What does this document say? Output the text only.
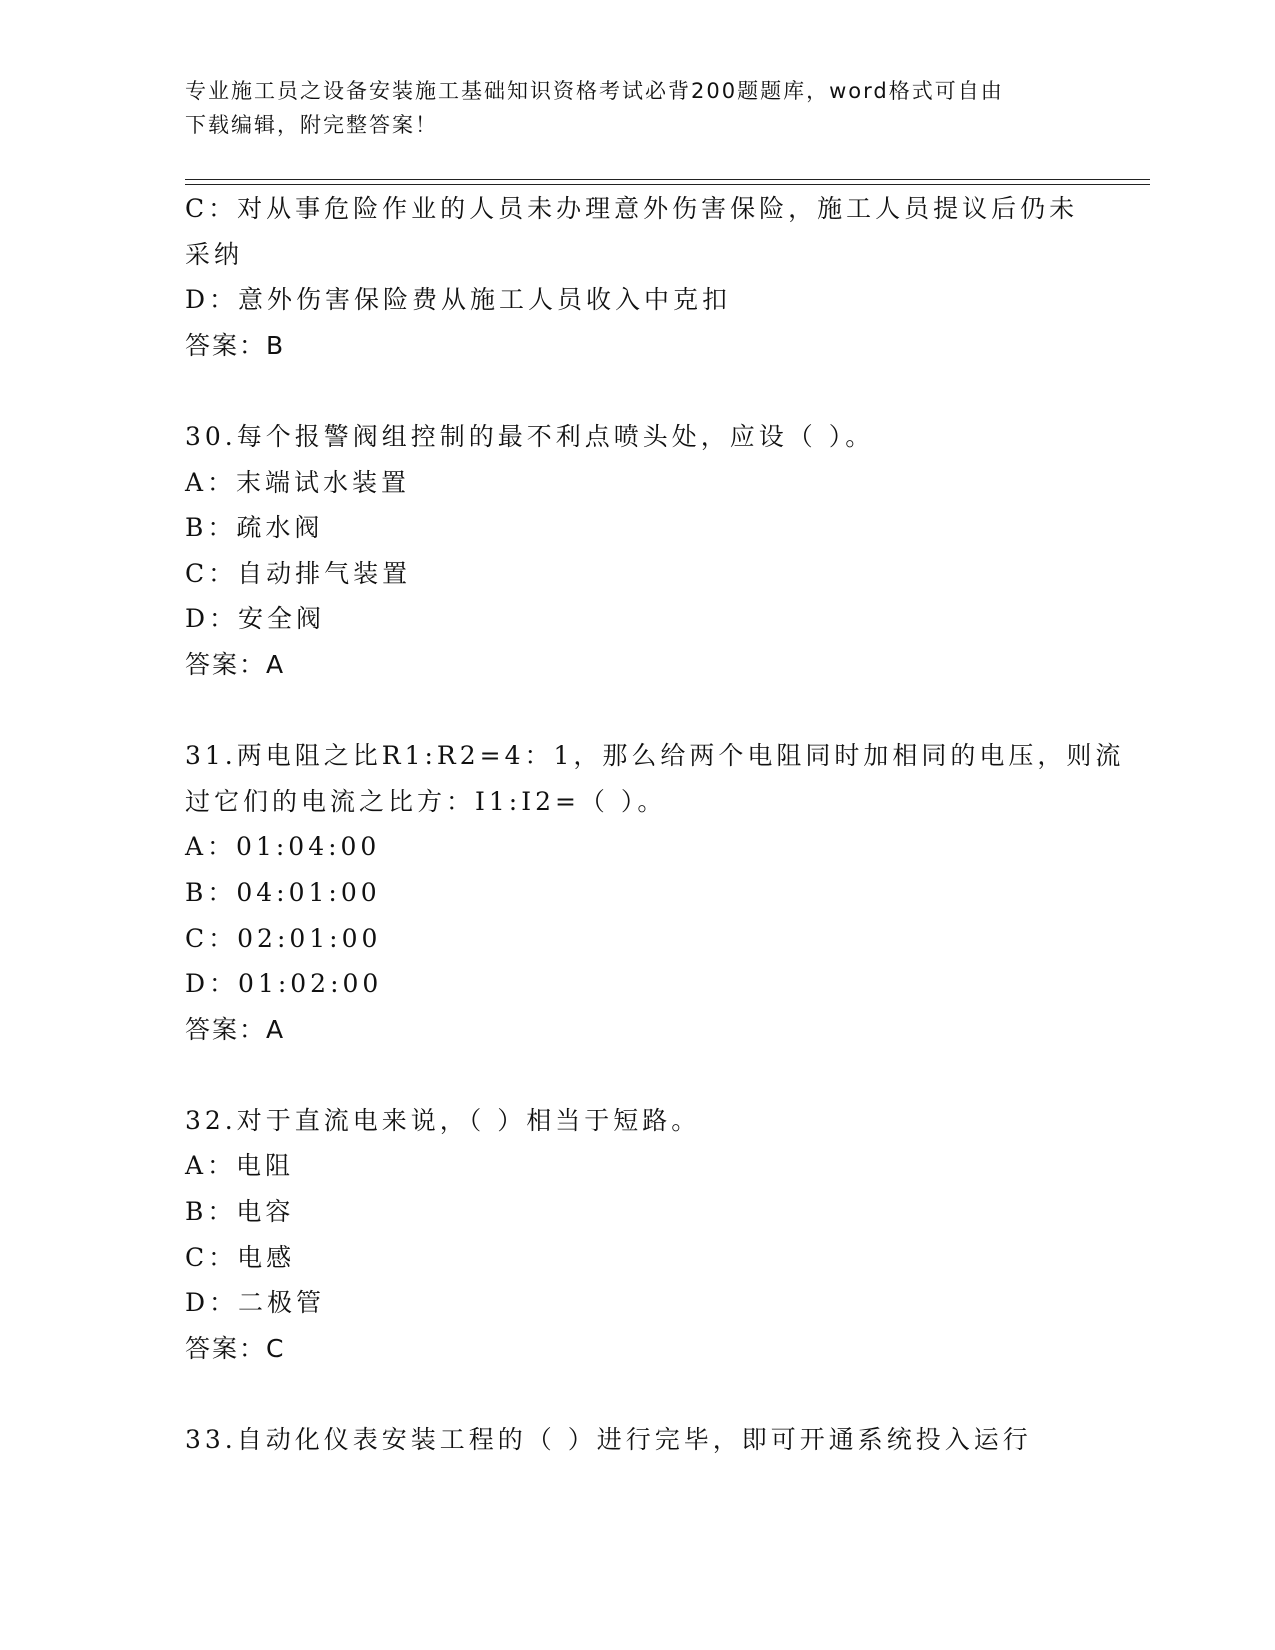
专业施工员之设备安装施工基础知识资格考试必背200题题库，word格式可自由
下载编辑，附完整答案！
C：对从事危险作业的人员未办理意外伤害保险，施工人员提议后仍未
采纳
D：意外伤害保险费从施工人员收入中克扣
答案：B
30.每个报警阀组控制的最不利点喷头处，应设（ ）。
A：末端试水装置
B：疏水阀
C：自动排气装置
D：安全阀
答案：A
31.两电阻之比R1:R2=4：1，那么给两个电阻同时加相同的电压，则流
过它们的电流之比方：I1:I2=（ ）。
A：01:04:00
B：04:01:00
C：02:01:00
D：01:02:00
答案：A
32.对于直流电来说，（ ）相当于短路。
A：电阻
B：电容
C：电感
D：二极管
答案：C
33.自动化仪表安装工程的（ ）进行完毕，即可开通系统投入运行
